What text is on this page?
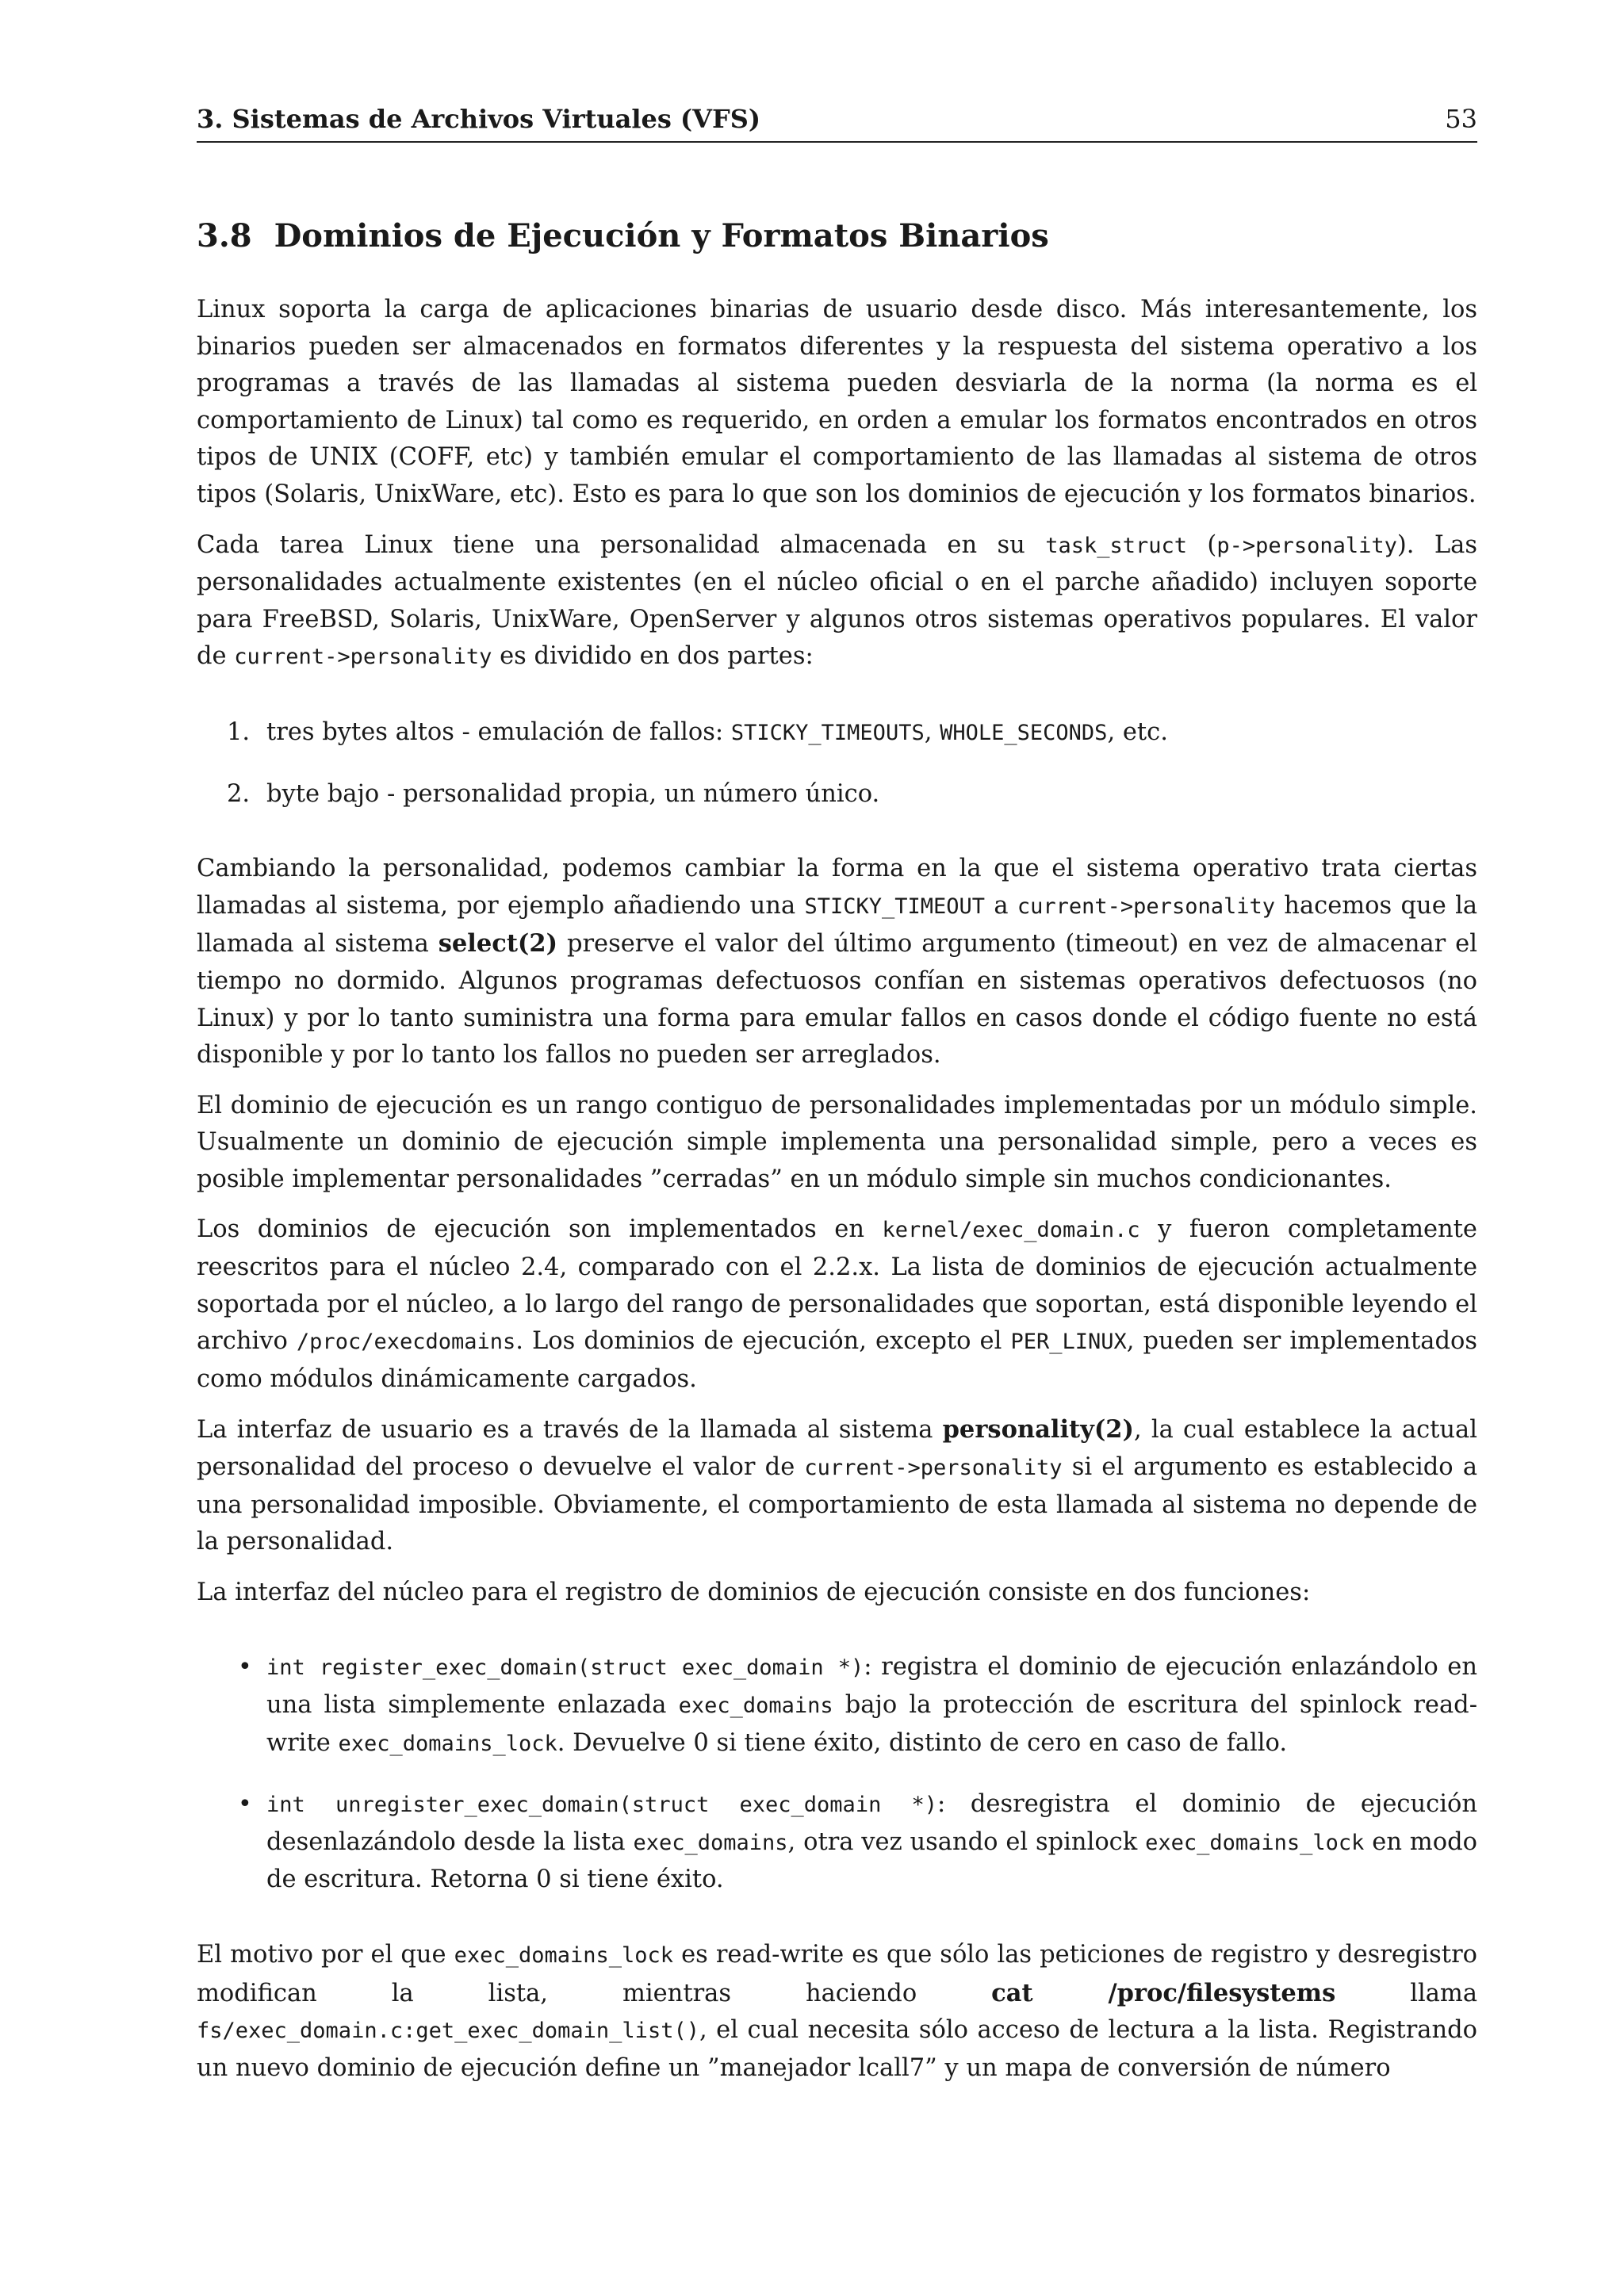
3. Sistemas de Archivos Virtuales (VFS)	53
3.8 Dominios de Ejecución y Formatos Binarios

Linux soporta la carga de aplicaciones binarias de usuario desde disco. Más interesantemente, los binarios pueden ser almacenados en formatos diferentes y la respuesta del sistema operativo a los programas a través de las llamadas al sistema pueden desviarla de la norma (la norma es el comportamiento de Linux) tal como es requerido, en orden a emular los formatos encontrados en otros tipos de UNIX (COFF, etc) y también emular el comportamiento de las llamadas al sistema de otros tipos (Solaris, UnixWare, etc). Esto es para lo que son los dominios de ejecución y los formatos binarios.

Cada tarea Linux tiene una personalidad almacenada en su task_struct (p->personality). Las personalidades actualmente existentes (en el núcleo oficial o en el parche añadido) incluyen soporte para FreeBSD, Solaris, UnixWare, OpenServer y algunos otros sistemas operativos populares. El valor de current->personality es dividido en dos partes:

1. tres bytes altos - emulación de fallos: STICKY_TIMEOUTS, WHOLE_SECONDS, etc.
2. byte bajo - personalidad propia, un número único.

Cambiando la personalidad, podemos cambiar la forma en la que el sistema operativo trata ciertas llamadas al sistema, por ejemplo añadiendo una STICKY_TIMEOUT a current->personality hacemos que la llamada al sistema select(2) preserve el valor del último argumento (timeout) en vez de almacenar el tiempo no dormido. Algunos programas defectuosos confían en sistemas operativos defectuosos (no Linux) y por lo tanto suministra una forma para emular fallos en casos donde el código fuente no está disponible y por lo tanto los fallos no pueden ser arreglados.

El dominio de ejecución es un rango contiguo de personalidades implementadas por un módulo simple. Usualmente un dominio de ejecución simple implementa una personalidad simple, pero a veces es posible implementar personalidades ”cerradas” en un módulo simple sin muchos condicionantes.

Los dominios de ejecución son implementados en kernel/exec_domain.c y fueron completamente reescritos para el núcleo 2.4, comparado con el 2.2.x. La lista de dominios de ejecución actualmente soportada por el núcleo, a lo largo del rango de personalidades que soportan, está disponible leyendo el archivo /proc/execdomains. Los dominios de ejecución, excepto el PER_LINUX, pueden ser implementados como módulos dinámicamente cargados.

La interfaz de usuario es a través de la llamada al sistema personality(2), la cual establece la actual personalidad del proceso o devuelve el valor de current->personality si el argumento es establecido a una personalidad imposible. Obviamente, el comportamiento de esta llamada al sistema no depende de la personalidad.

La interfaz del núcleo para el registro de dominios de ejecución consiste en dos funciones:

• int register_exec_domain(struct exec_domain *): registra el dominio de ejecución enlazándolo en una lista simplemente enlazada exec_domains bajo la protección de escritura del spinlock read-write exec_domains_lock. Devuelve 0 si tiene éxito, distinto de cero en caso de fallo.
• int unregister_exec_domain(struct exec_domain *): desregistra el dominio de ejecución desenlazándolo desde la lista exec_domains, otra vez usando el spinlock exec_domains_lock en modo de escritura. Retorna 0 si tiene éxito.

El motivo por el que exec_domains_lock es read-write es que sólo las peticiones de registro y desregistro modifican la lista, mientras haciendo cat /proc/filesystems llama fs/exec_domain.c:get_exec_domain_list(), el cual necesita sólo acceso de lectura a la lista. Registrando un nuevo dominio de ejecución define un ”manejador lcall7” y un mapa de conversión de número
